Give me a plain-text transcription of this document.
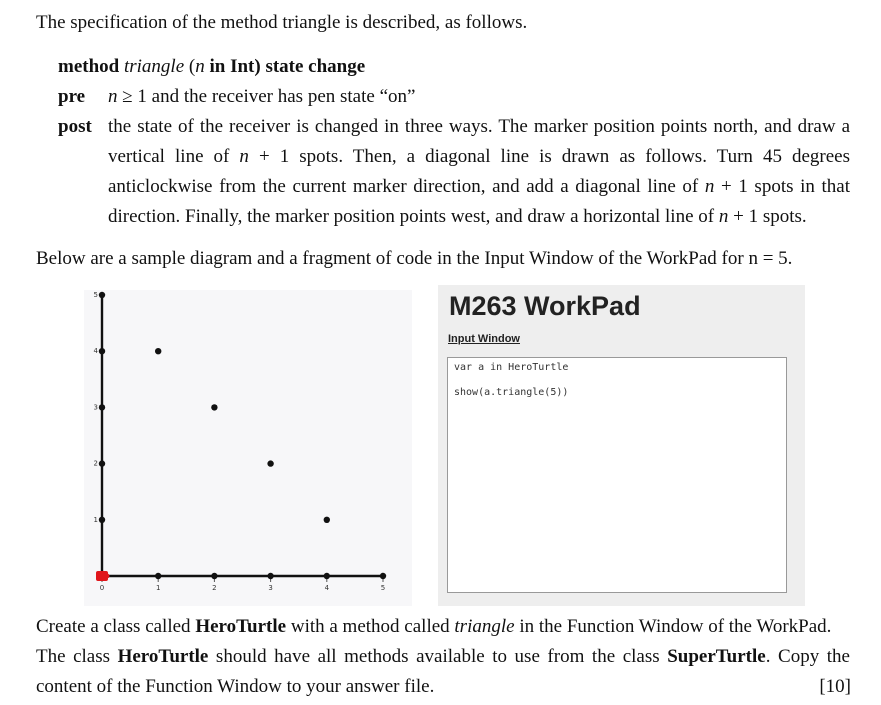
The specification of the method triangle is described, as follows.
method triangle (n in Int) state change
pre n ≥ 1 and the receiver has pen state “on”
post the state of the receiver is changed in three ways. The marker position points north, and draw a vertical line of n + 1 spots. Then, a diagonal line is drawn as follows. Turn 45 degrees anticlockwise from the current marker direction, and add a diagonal line of n + 1 spots in that direction. Finally, the marker position points west, and draw a horizontal line of n + 1 spots.
Below are a sample diagram and a fragment of code in the Input Window of the WorkPad for n = 5.
0	1	2	3	4	5
1
2
3
4
5	M263 WorkPad
Input Window
var a in HeroTurtle
show(a.triangle(5))
Create a class called HeroTurtle with a method called triangle in the Function Window of the WorkPad.
The class HeroTurtle should have all methods available to use from the class SuperTurtle. Copy the
content of the Function Window to your answer file.	[10]
